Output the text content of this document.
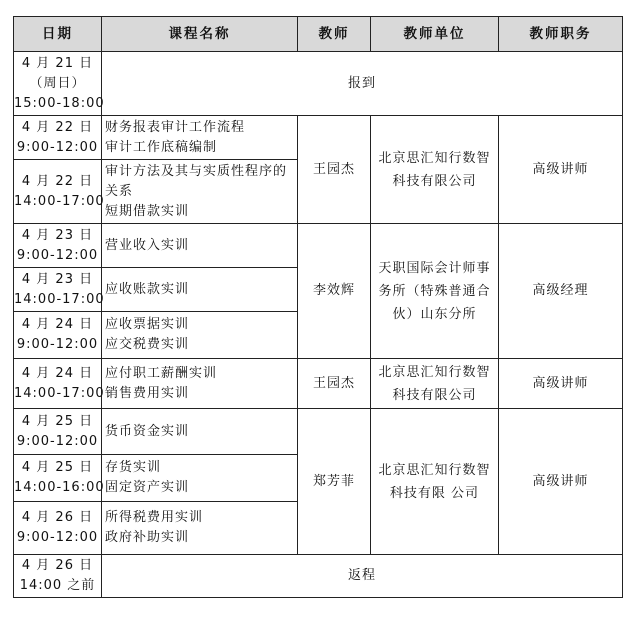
日期	课程名称	教师	教师单位	教师职务

4 月 21 日
（周日）
15:00-18:00	报到			

4 月 22 日
9:00-12:00	财务报表审计工作流程
审计工作底稿编制	王园杰	北京思汇知行数智科技有限公司	高级讲师

4 月 22 日
14:00-17:00	审计方法及其与实质性程序的关系
短期借款实训			

4 月 23 日
9:00-12:00	营业收入实训	李效辉	天职国际会计师事务所（特殊普通合伙）山东分所	高级经理

4 月 23 日
14:00-17:00	应收账款实训			

4 月 24 日
9:00-12:00	应收票据实训
应交税费实训			

4 月 24 日
14:00-17:00	应付职工薪酬实训
销售费用实训	王园杰	北京思汇知行数智科技有限公司	高级讲师

4 月 25 日
9:00-12:00	货币资金实训	郑芳菲	北京思汇知行数智科技有限 公司	高级讲师

4 月 25 日
14:00-16:00	存货实训
固定资产实训			

4 月 26 日
9:00-12:00	所得税费用实训
政府补助实训			

4 月 26 日
14:00 之前	返程			
